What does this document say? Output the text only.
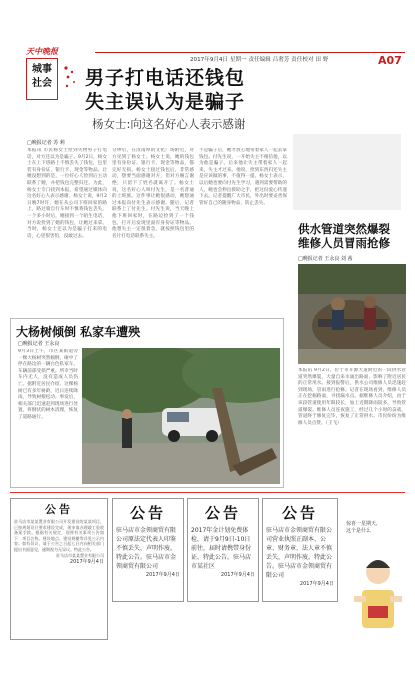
天中晚报
2017年9月4日 星期一 责任编辑 吕奢芳 责任校对 田 野	A07
城事
社会 男子打电话还钱包
失主误认为是骗子
杨女士:向这名好心人表示感谢
□晚报记者 苏 莉
本报讯 市民杨女士捡到失物男子打电话，对方还以为是骗子。9月2日，杨女士在上下班路上不慎丢失了钱包，包里装有身份证、银行卡、现金等物品。让她没想到的是，一位好心人捡到后主动联系了她，并把钱包完整归还。为此，杨女士专门找到本报，希望通过媒体向这名好心人表示感谢。杨女士说，9月2日晚7时许，她在从公司下班回家的路上，路过骑自行车时不慎将钱包丢失。一个多小时后，她接到一个陌生电话，对方说捡到了她的钱包，让她过来拿。当时，杨女士还以为是骗子打来的电话，心里很害怕，没敢过去。
分钟后，在汝南埠的文化广场附近，对方见到了杨女士。杨女士说，她的钱包里有身份证、银行卡、现金等物品，都完好无损。杨女士接过钱包后，非常感动，想要当面感谢对方，但对方婉言谢绝，只留下了姓名就离开了。杨女士说，这名好心人叫付先生，是一名普通的上班族。这件事让她很感动，她想通过本报向付先生表示感谢。随后，记者联系上了付先生。付先生说，当天晚上他下班回家时，在路边捡到了一个钱包，打开后发现里面有身份证等物品。他想失主一定很着急，就按照钱包里的名片打电话联系失主。
不是骗子后，她才放心地带着家人一起去拿钱包。付先生说，一开始失主不相信他，以为他是骗子。后来他让失主带着家人一起来，失主才过来。他说，捡到东西归还失主是应该做的事，不值得一提。杨女士表示，以后她也要向付先生学习，遇到需要帮助的人，她也会伸出援助之手，把这份爱心传递下去。记者提醒广大市民，外出时要妥善保管好自己的随身物品，防止丢失。
供水管道突然爆裂
维修人员冒雨抢修
□晚报记者 王永良 刘 茜
本报讯 9月2日，位于市开源大道附近的一段供水管道突然爆裂，大量自来水涌出路面，影响了附近居民的正常用水。接到报警后，供水公司维修人员迅速赶到现场，冒雨进行抢修。记者在现场看到，维修人员正在挖掘路面，寻找漏水点。据维修人员介绍，由于该段管道使用年限较长，加上近期降雨较多，导致管道爆裂。维修人员连夜施工，经过几个小时的奋战，管道终于修复完毕，恢复了正常供水。市民纷纷为维修人员点赞。（王飞）
大杨树倾倒 私家车遭殃
□晚报记者 王永良
9月3日上午，市区某街道旁一棵大杨树突然倾倒，砸中了停在路边的一辆白色私家车，车辆前部受损严重。所幸当时车内无人，没有造成人员伤亡。据附近居民介绍，这棵杨树已有多年树龄，近日连续降雨，导致树根松动。事发后，相关部门迅速赶到现场进行处置，将倒伏的树木清理，恢复了道路通行。
公告
驻马店市某某置业有限公司开发建设的某某项目，已按规划设计要求建设完成，现申请办理竣工验收备案手续。根据有关规定，现将有关事项公告如下：项目名称、建设地点、建设规模等详见公示内容。如有异议，请于公告之日起七日内向相关部门提出书面意见，逾期视为无异议。特此公告。
驻马店市某某置业有限公司
2017年9月4日
公告
驻马店市金领商贸有限公司原法定代表人印鉴不慎丢失，声明作废。特此公告。驻马店市金领商贸有限公司
2017年9月4日
公告
2017年金计划免费体检，请于9月9日-10日前往，届时请携带身份证。特此公告。驻马店市某社区
2017年9月4日
公告
驻马店市金领商贸有限公司营业执照正副本、公章、财务章、法人章不慎丢失，声明作废。特此公告。驻马店市金领商贸有限公司
2017年9月4日
惊喜一星期天,
这个是什么
